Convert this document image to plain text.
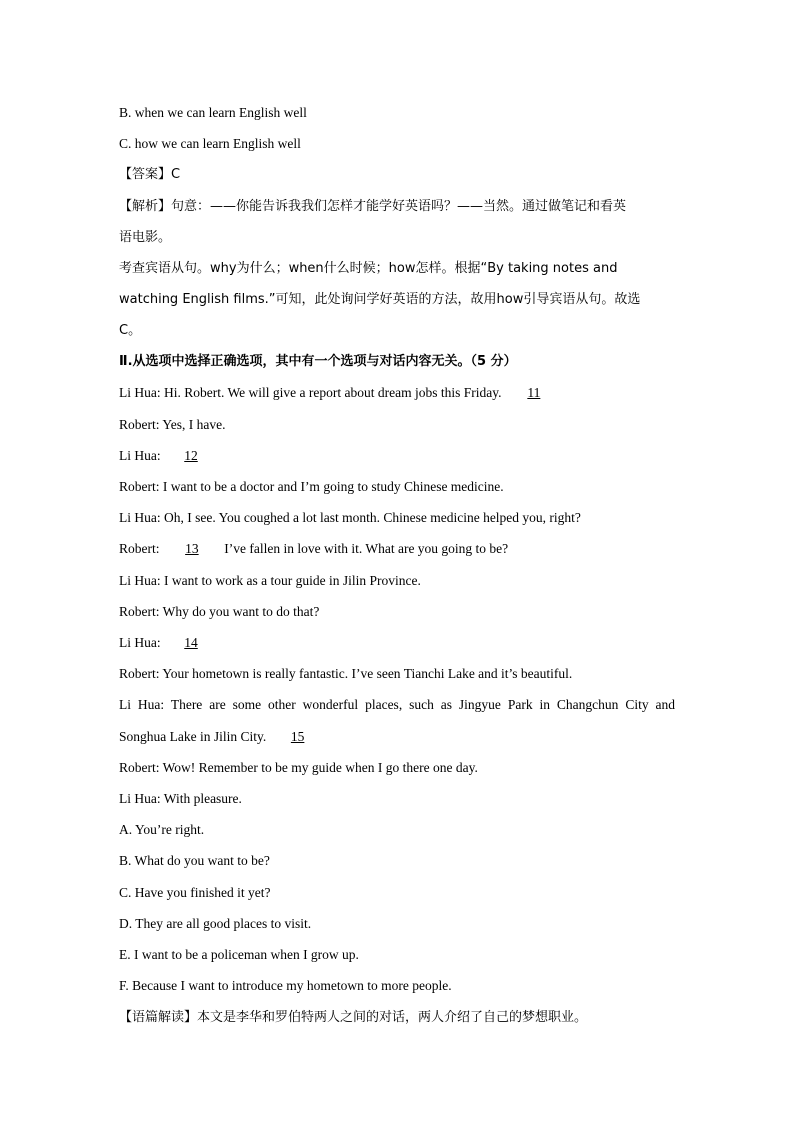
B. when we can learn English well
C. how we can learn English well
【答案】C
【解析】句意：——你能告诉我我们怎样才能学好英语吗？——当然。通过做笔记和看英
语电影。
考查宾语从句。why为什么；when什么时候；how怎样。根据“By taking notes and
watching English films.”可知，此处询问学好英语的方法，故用how引导宾语从句。故选
C。
Ⅱ.从选项中选择正确选项，其中有一个选项与对话内容无关。（5 分）
Li Hua: Hi. Robert. We will give a report about dream jobs this Friday. 11
Robert: Yes, I have.
Li Hua: 12
Robert: I want to be a doctor and I’m going to study Chinese medicine.
Li Hua: Oh, I see. You coughed a lot last month. Chinese medicine helped you, right?
Robert: 13 I’ve fallen in love with it. What are you going to be?
Li Hua: I want to work as a tour guide in Jilin Province.
Robert: Why do you want to do that?
Li Hua: 14
Robert: Your hometown is really fantastic. I’ve seen Tianchi Lake and it’s beautiful.
Li Hua: There are some other wonderful places, such as Jingyue Park in Changchun City and
Songhua Lake in Jilin City. 15
Robert: Wow! Remember to be my guide when I go there one day.
Li Hua: With pleasure.
A. You’re right.
B. What do you want to be?
C. Have you finished it yet?
D. They are all good places to visit.
E. I want to be a policeman when I grow up.
F. Because I want to introduce my hometown to more people.
【语篇解读】本文是李华和罗伯特两人之间的对话，两人介绍了自己的梦想职业。
